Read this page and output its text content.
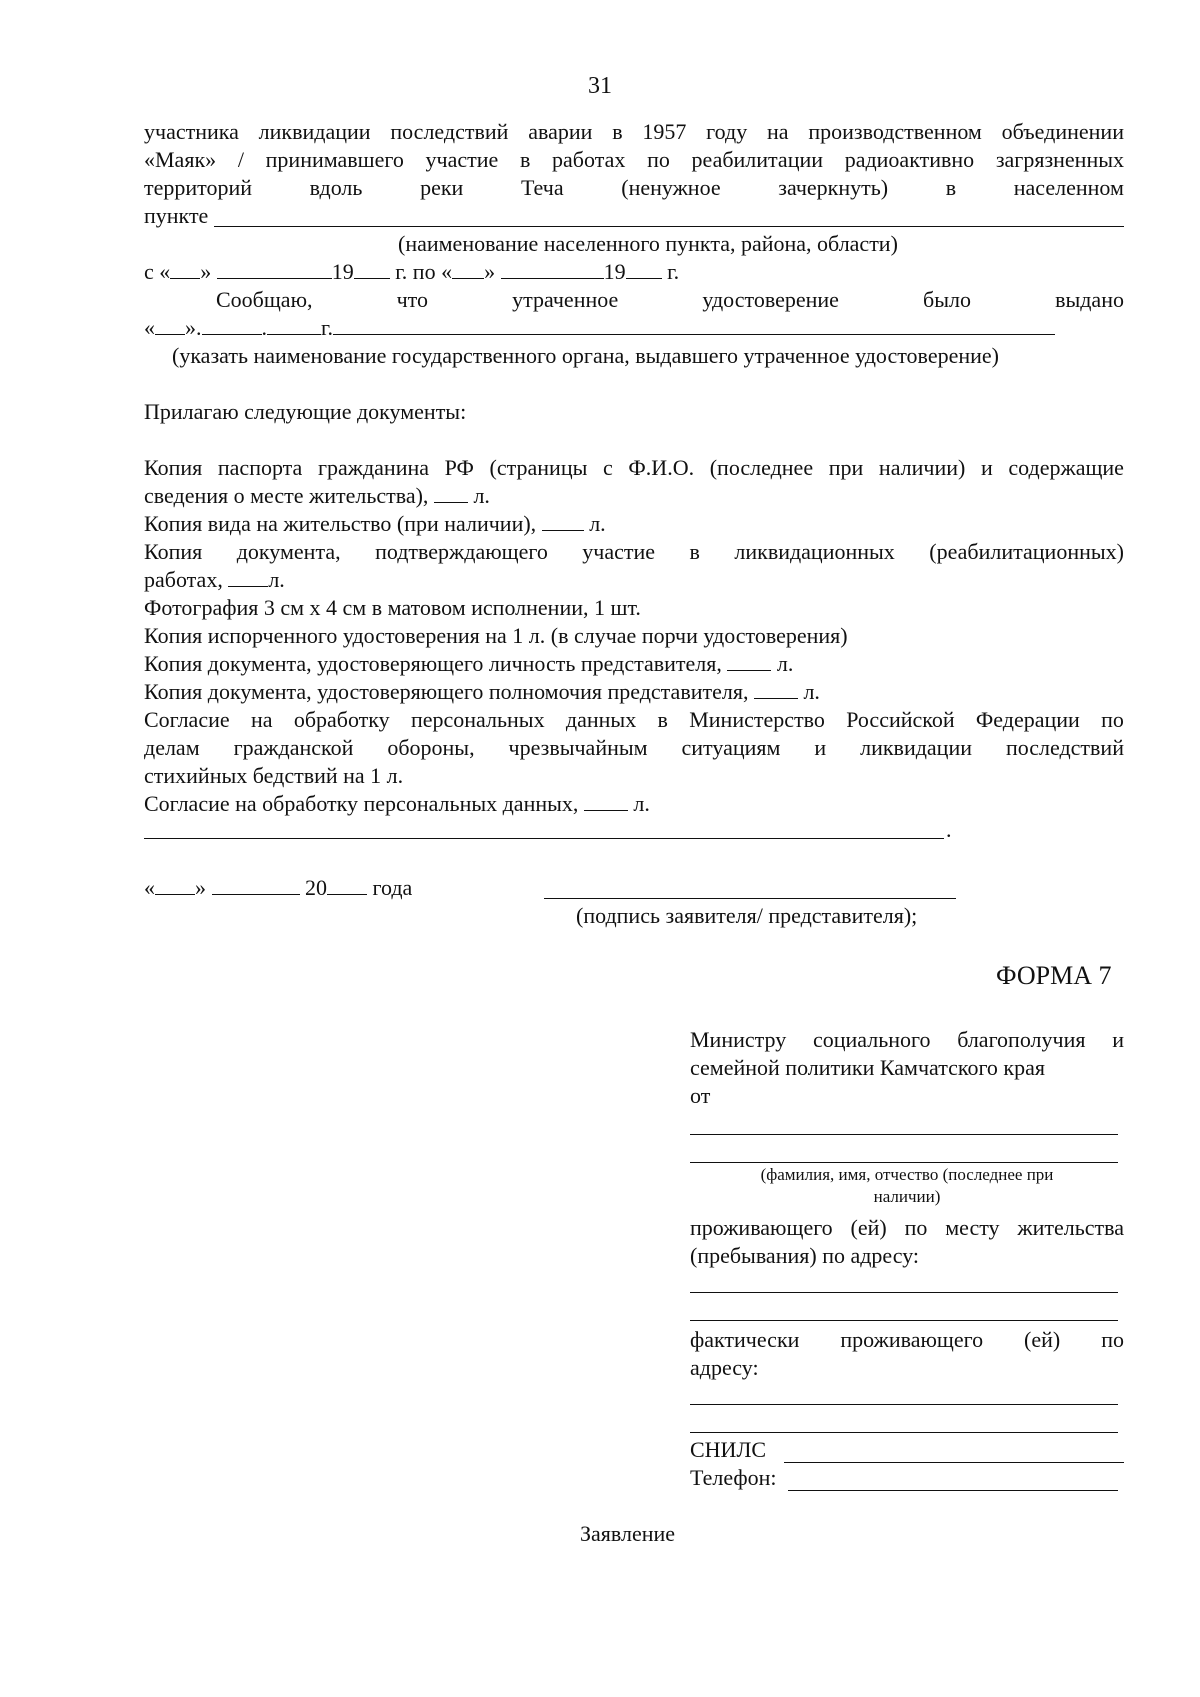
31
участника ликвидации последствий аварии в 1957 году на производственном объединении
«Маяк» / принимавшего участие в работах по реабилитации радиоактивно загрязненных
территорий	вдоль	реки	Теча	(ненужное	зачеркнуть)	в	населенном
пункте
(наименование населенного пункта, района, области)
с « »	19 г. по « »	19 г.
Сообщаю,	что	утраченное	удостоверение	было	выдано
« ».	. г.
(указать наименование государственного органа, выдавшего утраченное удостоверение)
Прилагаю следующие документы:
Копия паспорта гражданина РФ (страницы с Ф.И.О. (последнее при наличии) и содержащие
сведения о месте жительства), л.
Копия вида на жительство (при наличии), л.
Копия документа, подтверждающего участие в ликвидационных (реабилитационных)
работах, л.
Фотография 3 см х 4 см в матовом исполнении, 1 шт.
Копия испорченного удостоверения на 1 л. (в случае порчи удостоверения)
Копия документа, удостоверяющего личность представителя,	л.
Копия документа, удостоверяющего полномочия представителя,	л.
Согласие на обработку персональных данных в Министерство Российской Федерации по
делам гражданской обороны, чрезвычайным ситуациям и ликвидации последствий
стихийных бедствий на 1 л.
Согласие на обработку персональных данных,	л.
.
« »	20 года
(подпись заявителя/ представителя);
ФОРМА 7
Министру социального благополучия и
семейной политики Камчатского края
от
(фамилия, имя, отчество (последнее при
наличии)
проживающего (ей) по месту жительства
(пребывания) по адресу:
фактически проживающего (ей) по
адресу:
СНИЛС
Телефон:
Заявление
